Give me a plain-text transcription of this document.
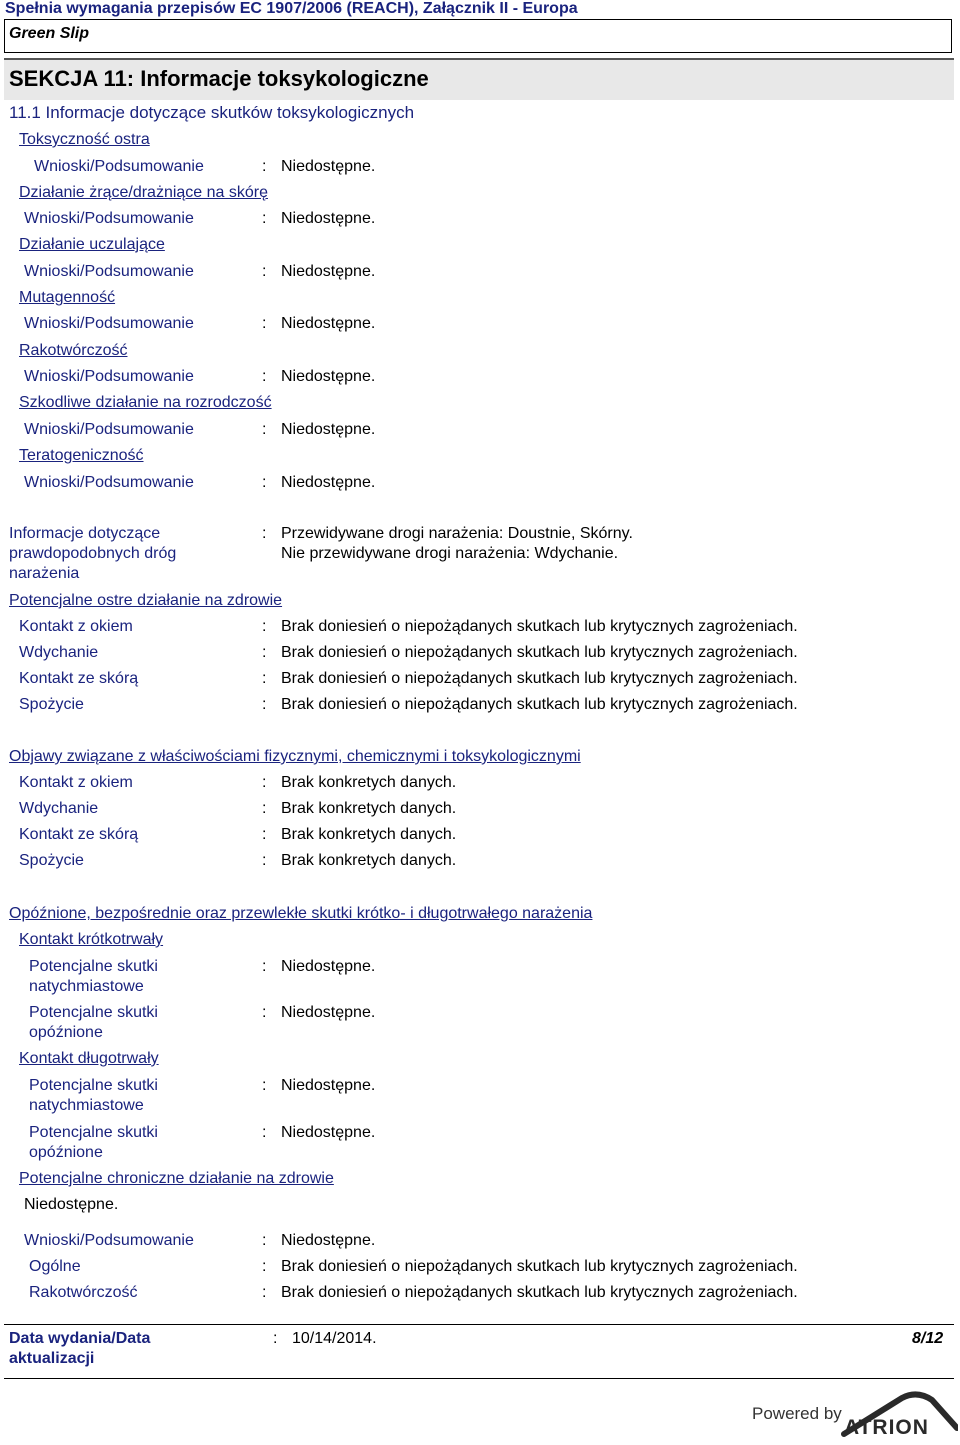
Spełnia wymagania przepisów EC 1907/2006 (REACH), Załącznik II - Europa
Green Slip
SEKCJA 11: Informacje toksykologiczne
11.1 Informacje dotyczące skutków toksykologicznych
Toksyczność ostra
Wnioski/Podsumowanie	: Niedostępne.
Działanie żrące/drażniące na skórę
Wnioski/Podsumowanie	: Niedostępne.
Działanie uczulające
Wnioski/Podsumowanie	: Niedostępne.
Mutagenność
Wnioski/Podsumowanie	: Niedostępne.
Rakotwórczość
Wnioski/Podsumowanie	: Niedostępne.
Szkodliwe działanie na rozrodczość
Wnioski/Podsumowanie	: Niedostępne.
Teratogeniczność
Wnioski/Podsumowanie	: Niedostępne.
Informacje dotyczące
prawdopodobnych dróg
narażenia
: Przewidywane drogi narażenia: Doustnie, Skórny.
Nie przewidywane drogi narażenia: Wdychanie.
Potencjalne ostre działanie na zdrowie
Kontakt z okiem	: Brak doniesień o niepożądanych skutkach lub krytycznych zagrożeniach.
Wdychanie	: Brak doniesień o niepożądanych skutkach lub krytycznych zagrożeniach.
Kontakt ze skórą	: Brak doniesień o niepożądanych skutkach lub krytycznych zagrożeniach.
Spożycie	: Brak doniesień o niepożądanych skutkach lub krytycznych zagrożeniach.
Objawy związane z właściwościami fizycznymi, chemicznymi i toksykologicznymi
Kontakt z okiem	: Brak konkretych danych.
Wdychanie	: Brak konkretych danych.
Kontakt ze skórą	: Brak konkretych danych.
Spożycie	: Brak konkretych danych.
Opóźnione, bezpośrednie oraz przewlekłe skutki krótko- i długotrwałego narażenia
Kontakt krótkotrwały
Potencjalne skutki
natychmiastowe
: Niedostępne.
Potencjalne skutki
opóźnione
: Niedostępne.
Kontakt długotrwały
Potencjalne skutki
natychmiastowe
: Niedostępne.
Potencjalne skutki
opóźnione
: Niedostępne.
Potencjalne chroniczne działanie na zdrowie
Niedostępne.
Wnioski/Podsumowanie	: Niedostępne.
Ogólne	: Brak doniesień o niepożądanych skutkach lub krytycznych zagrożeniach.
Rakotwórczość	: Brak doniesień o niepożądanych skutkach lub krytycznych zagrożeniach.
Data wydania/Data
aktualizacji
: 10/14/2014.	8/12
Powered by
ATRION
